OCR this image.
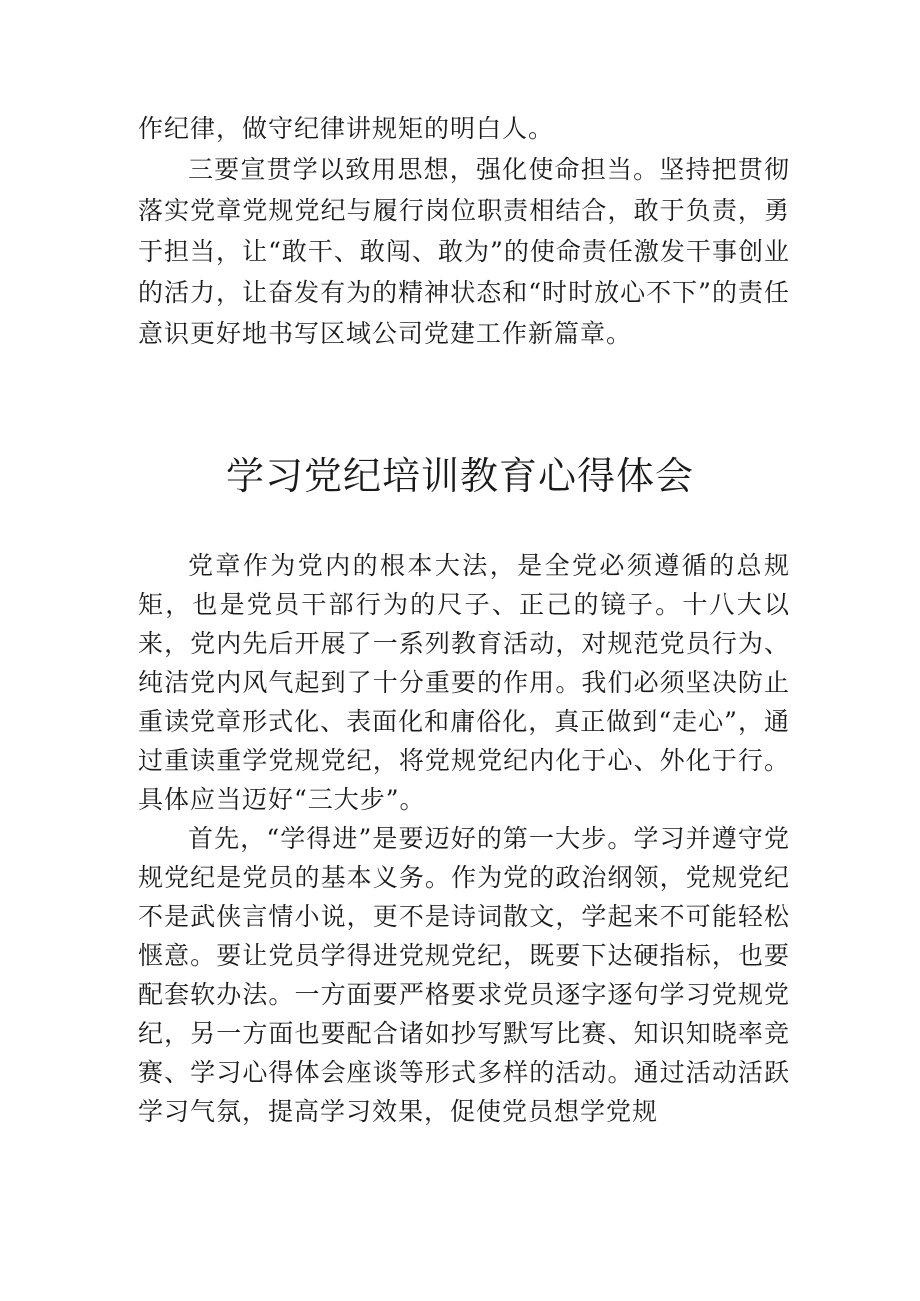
作纪律，做守纪律讲规矩的明白人。

三要宣贯学以致用思想，强化使命担当。坚持把贯彻落实党章党规党纪与履行岗位职责相结合，敢于负责，勇于担当，让“敢干、敢闯、敢为”的使命责任激发干事创业的活力，让奋发有为的精神状态和“时时放心不下”的责任意识更好地书写区域公司党建工作新篇章。

学习党纪培训教育心得体会

党章作为党内的根本大法，是全党必须遵循的总规矩，也是党员干部行为的尺子、正己的镜子。十八大以来，党内先后开展了一系列教育活动，对规范党员行为、纯洁党内风气起到了十分重要的作用。我们必须坚决防止重读党章形式化、表面化和庸俗化，真正做到“走心”，通过重读重学党规党纪，将党规党纪内化于心、外化于行。具体应当迈好“三大步”。

首先，“学得进”是要迈好的第一大步。学习并遵守党规党纪是党员的基本义务。作为党的政治纲领，党规党纪不是武侠言情小说，更不是诗词散文，学起来不可能轻松惬意。要让党员学得进党规党纪，既要下达硬指标，也要配套软办法。一方面要严格要求党员逐字逐句学习党规党纪，另一方面也要配合诸如抄写默写比赛、知识知晓率竞赛、学习心得体会座谈等形式多样的活动。通过活动活跃学习气氛，提高学习效果，促使党员想学党规
